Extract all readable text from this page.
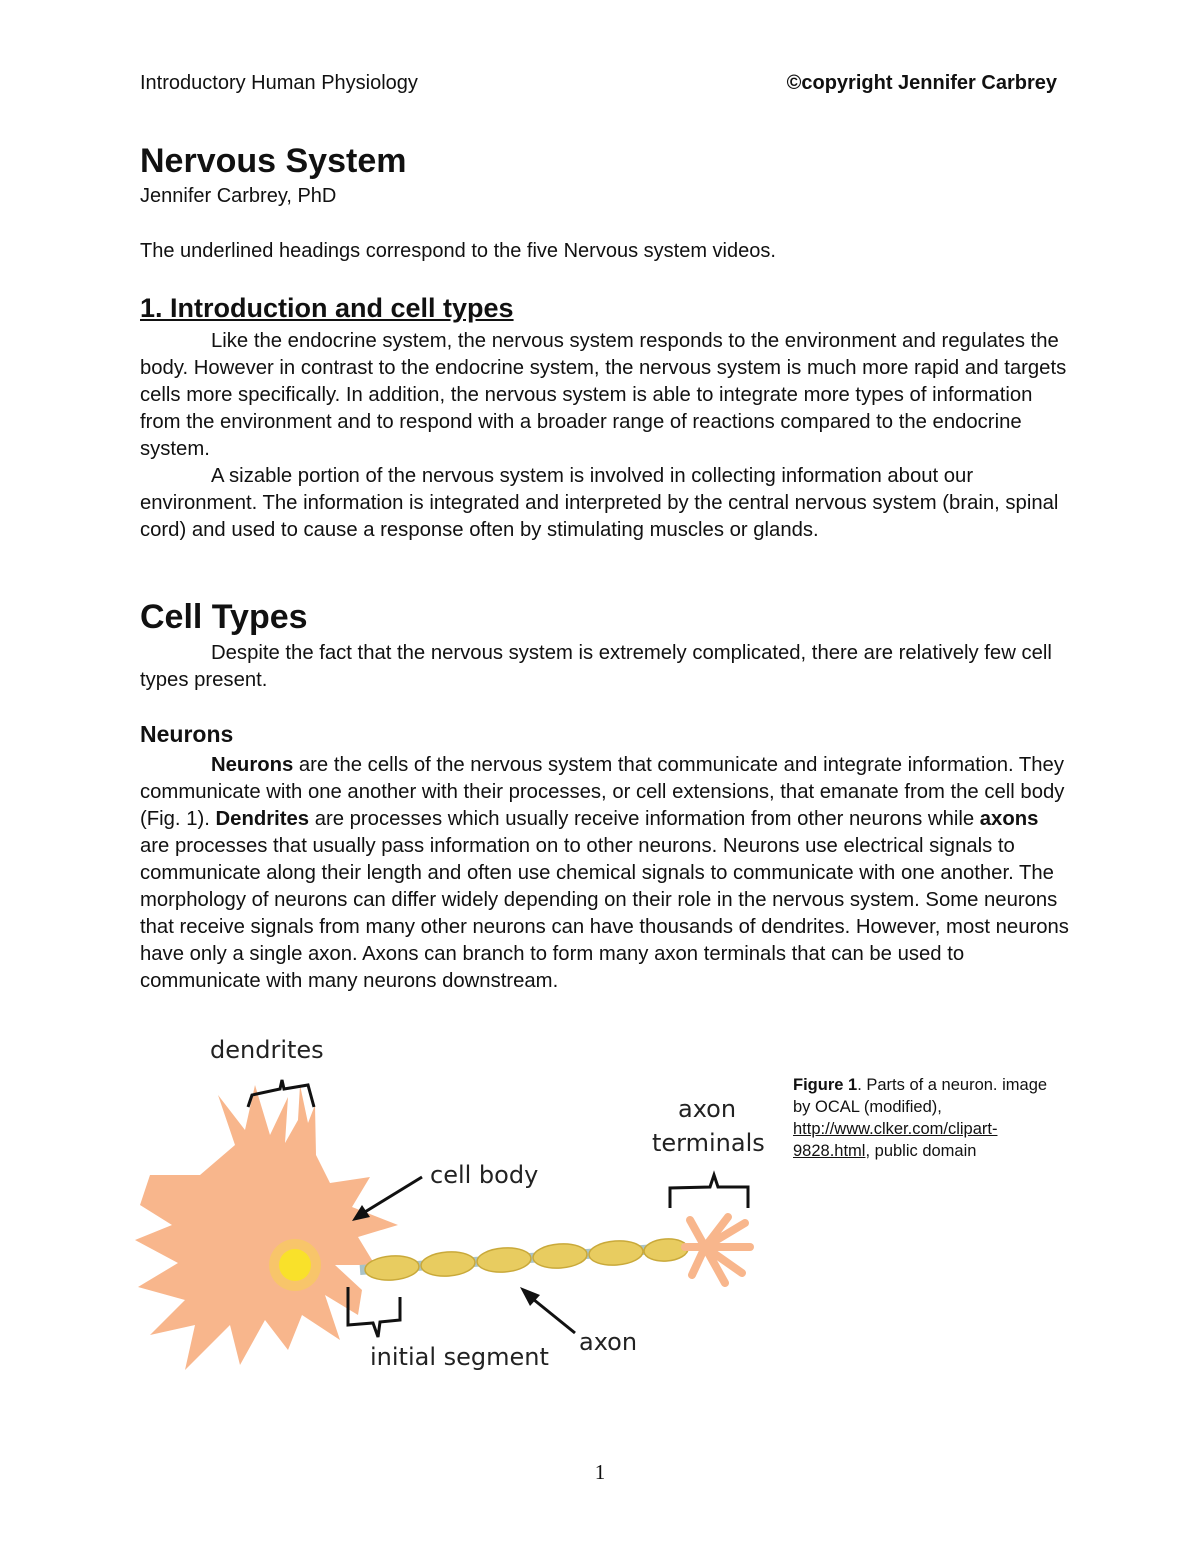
Introductory Human Physiology	©copyright Jennifer Carbrey
Nervous System
Jennifer Carbrey, PhD
The underlined headings correspond to the five Nervous system videos.
1. Introduction and cell types

Like the endocrine system, the nervous system responds to the environment and regulates the body. However in contrast to the endocrine system, the nervous system is much more rapid and targets cells more specifically. In addition, the nervous system is able to integrate more types of information from the environment and to respond with a broader range of reactions compared to the endocrine system.

A sizable portion of the nervous system is involved in collecting information about our environment. The information is integrated and interpreted by the central nervous system (brain, spinal cord) and used to cause a response often by stimulating muscles or glands.

Cell Types

Despite the fact that the nervous system is extremely complicated, there are relatively few cell types present.

Neurons

Neurons are the cells of the nervous system that communicate and integrate information. They communicate with one another with their processes, or cell extensions, that emanate from the cell body (Fig. 1). Dendrites are processes which usually receive information from other neurons while axons are processes that usually pass information on to other neurons. Neurons use electrical signals to communicate along their length and often use chemical signals to communicate with one another. The morphology of neurons can differ widely depending on their role in the nervous system. Some neurons that receive signals from many other neurons can have thousands of dendrites. However, most neurons have only a single axon. Axons can branch to form many axon terminals that can be used to communicate with many neurons downstream.

dendrites
cell body
axon
terminals
axon
initial segment
Figure 1. Parts of a neuron. image by OCAL (modified), http://www.clker.com/clipart-9828.html, public domain
1
